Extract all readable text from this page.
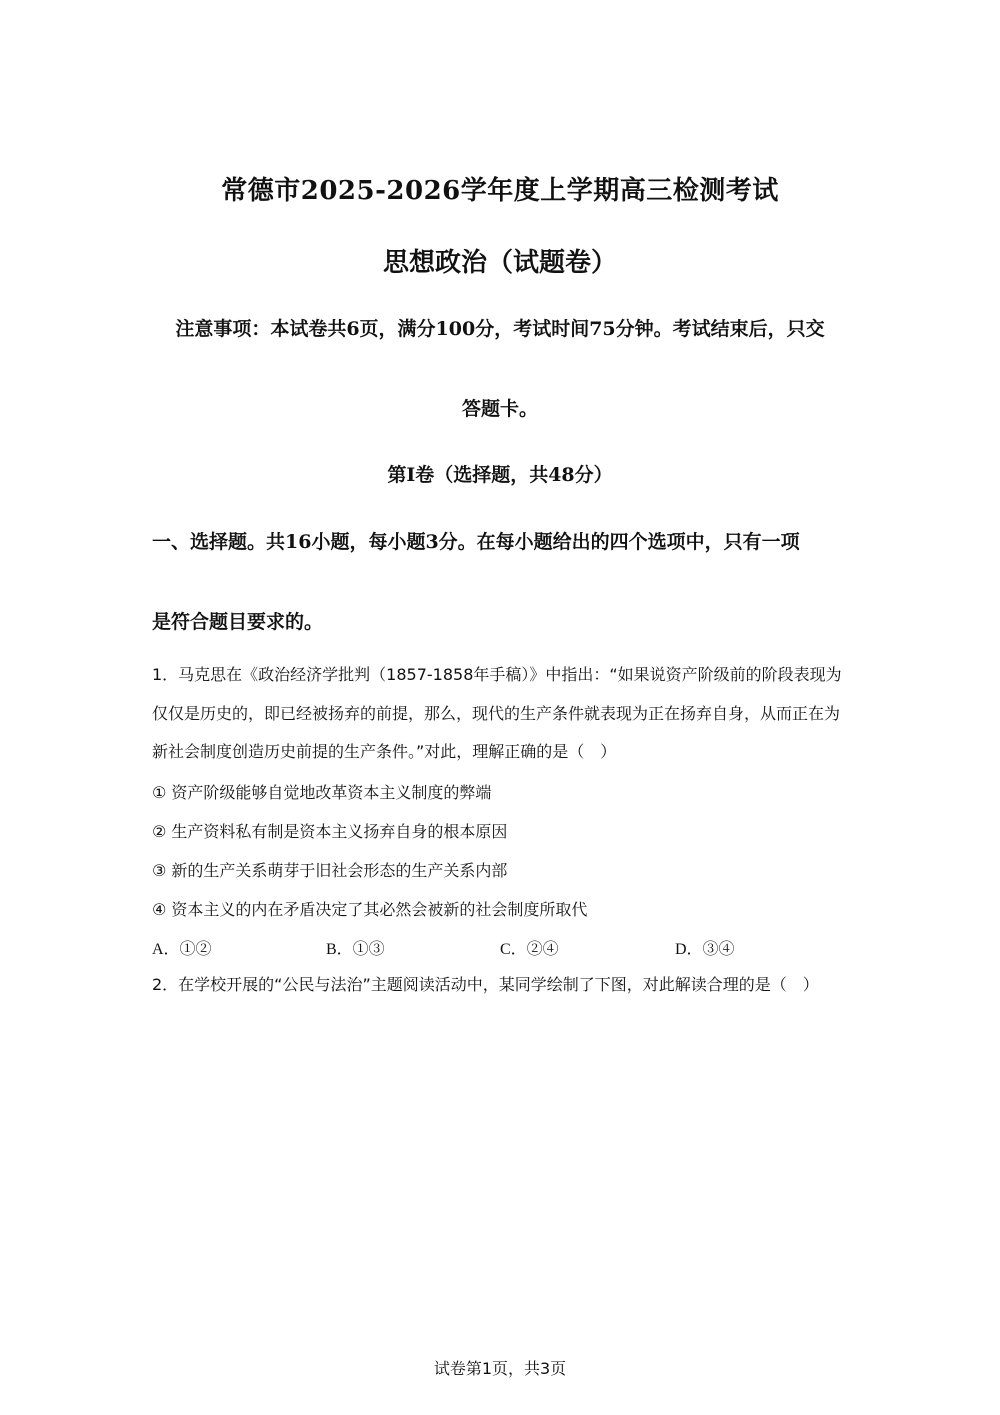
常德市2025-2026学年度上学期高三检测考试
思想政治（试题卷）
注意事项：本试卷共6页，满分100分，考试时间75分钟。考试结束后，只交
答题卡。
第Ⅰ卷（选择题，共48分）
一、选择题。共16小题，每小题3分。在每小题给出的四个选项中，只有一项
是符合题目要求的。
1．马克思在《政治经济学批判（1857-1858年手稿）》中指出：“如果说资产阶级前的阶段表现为仅仅是历史的，即已经被扬弃的前提，那么，现代的生产条件就表现为正在扬弃自身，从而正在为新社会制度创造历史前提的生产条件。”对此，理解正确的是（　）
① 资产阶级能够自觉地改革资本主义制度的弊端
② 生产资料私有制是资本主义扬弃自身的根本原因
③ 新的生产关系萌芽于旧社会形态的生产关系内部
④ 资本主义的内在矛盾决定了其必然会被新的社会制度所取代
A．①②	B．①③	C．②④	D．③④
2．在学校开展的“公民与法治”主题阅读活动中，某同学绘制了下图，对此解读合理的是（　）
试卷第1页，共3页
